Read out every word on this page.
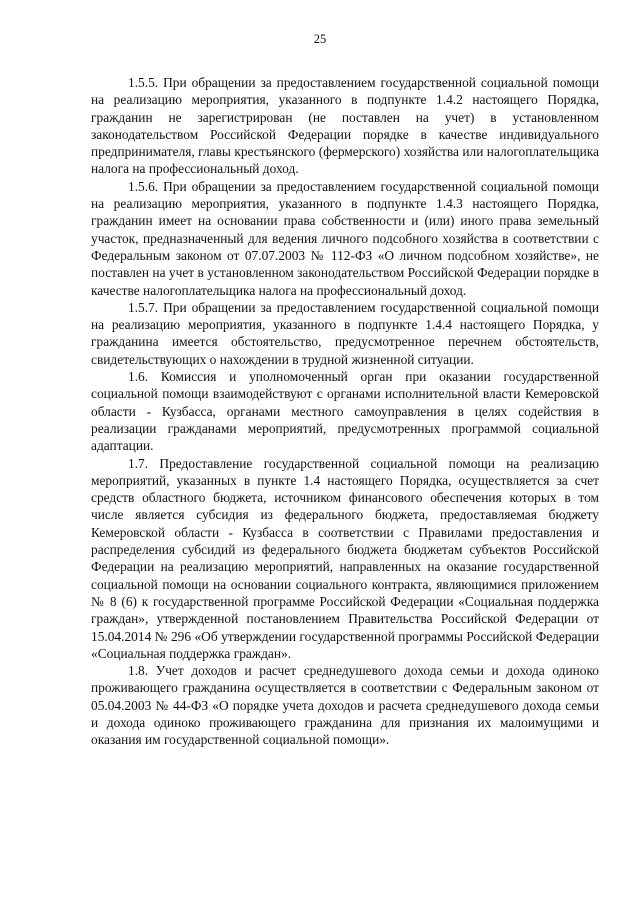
25

1.5.5. При обращении за предоставлением государственной социальной помощи на реализацию мероприятия, указанного в подпункте 1.4.2 настоящего Порядка, гражданин не зарегистрирован (не поставлен на учет) в установленном законодательством Российской Федерации порядке в качестве индивидуального предпринимателя, главы крестьянского (фермерского) хозяйства или налогоплательщика налога на профессиональный доход.

1.5.6. При обращении за предоставлением государственной социальной помощи на реализацию мероприятия, указанного в подпункте 1.4.3 настоящего Порядка, гражданин имеет на основании права собственности и (или) иного права земельный участок, предназначенный для ведения личного подсобного хозяйства в соответствии с Федеральным законом от 07.07.2003 № 112-ФЗ «О личном подсобном хозяйстве», не поставлен на учет в установленном законодательством Российской Федерации порядке в качестве налогоплательщика налога на профессиональный доход.

1.5.7. При обращении за предоставлением государственной социальной помощи на реализацию мероприятия, указанного в подпункте 1.4.4 настоящего Порядка, у гражданина имеется обстоятельство, предусмотренное перечнем обстоятельств, свидетельствующих о нахождении в трудной жизненной ситуации.

1.6. Комиссия и уполномоченный орган при оказании государственной социальной помощи взаимодействуют с органами исполнительной власти Кемеровской области - Кузбасса, органами местного самоуправления в целях содействия в реализации гражданами мероприятий, предусмотренных программой социальной адаптации.

1.7. Предоставление государственной социальной помощи на реализацию мероприятий, указанных в пункте 1.4 настоящего Порядка, осуществляется за счет средств областного бюджета, источником финансового обеспечения которых в том числе является субсидия из федерального бюджета, предоставляемая бюджету Кемеровской области - Кузбасса в соответствии с Правилами предоставления и распределения субсидий из федерального бюджета бюджетам субъектов Российской Федерации на реализацию мероприятий, направленных на оказание государственной социальной помощи на основании социального контракта, являющимися приложением № 8 (6) к государственной программе Российской Федерации «Социальная поддержка граждан», утвержденной постановлением Правительства Российской Федерации от 15.04.2014 № 296 «Об утверждении государственной программы Российской Федерации «Социальная поддержка граждан».

1.8. Учет доходов и расчет среднедушевого дохода семьи и дохода одиноко проживающего гражданина осуществляется в соответствии с Федеральным законом от 05.04.2003 № 44-ФЗ «О порядке учета доходов и расчета среднедушевого дохода семьи и дохода одиноко проживающего гражданина для признания их малоимущими и оказания им государственной социальной помощи».
